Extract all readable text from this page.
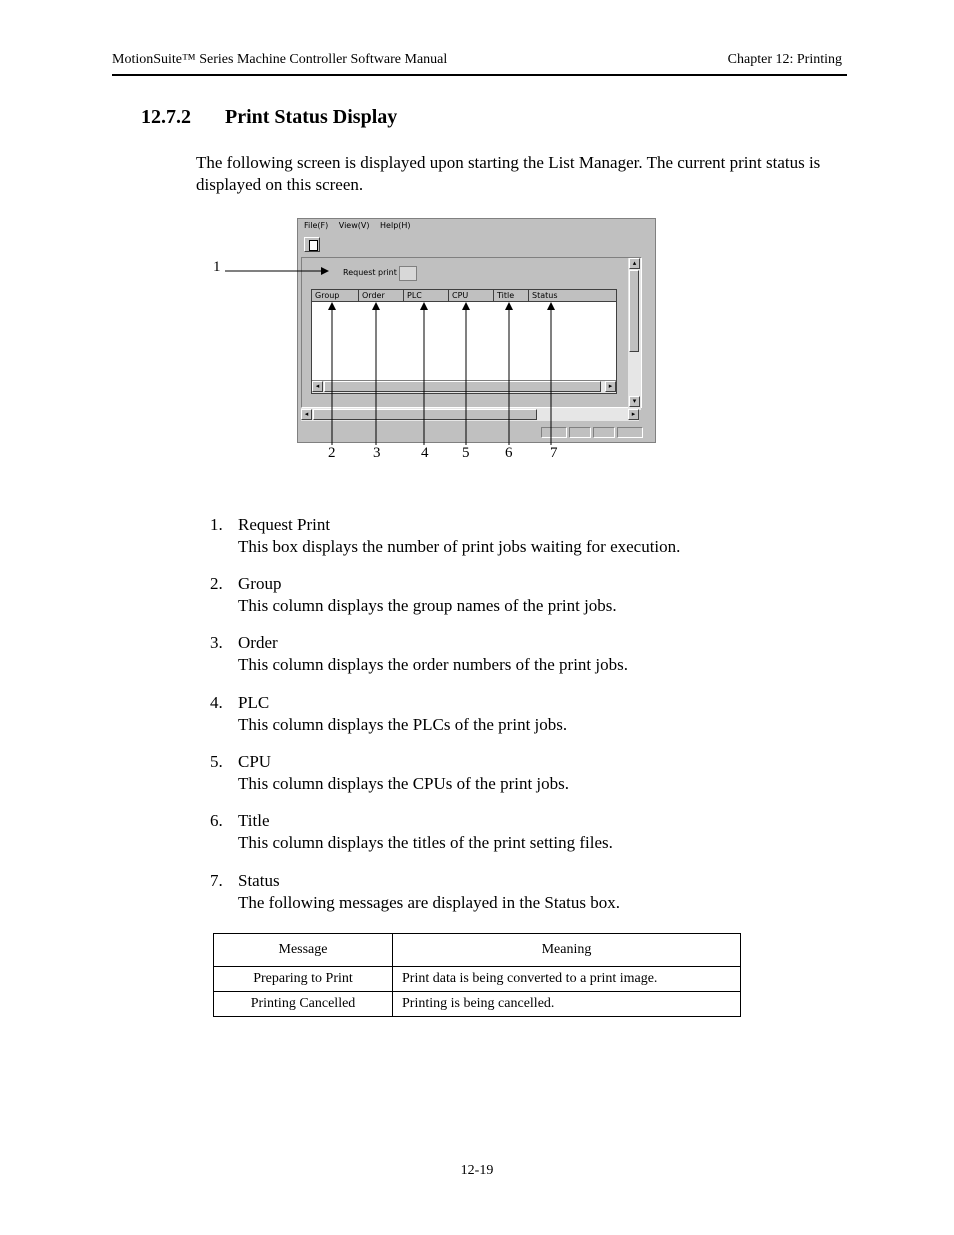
MotionSuite™ Series Machine Controller Software Manual	Chapter 12: Printing
12.7.2 Print Status Display
The following screen is displayed upon starting the List Manager. The current print status is displayed on this screen.
File(F) View(V) Help(H)
Request print
Group	Order	PLC	CPU	Title	Status
◂	▸
▴
▾
◂	▸
1
2	3	4 5 6	7
1. Request Print
This box displays the number of print jobs waiting for execution.
2. Group
This column displays the group names of the print jobs.
3. Order
This column displays the order numbers of the print jobs.
4. PLC
This column displays the PLCs of the print jobs.
5. CPU
This column displays the CPUs of the print jobs.
6. Title
This column displays the titles of the print setting files.
7. Status
The following messages are displayed in the Status box.
Message	Meaning
Preparing to Print	Print data is being converted to a print image.
Printing Cancelled	Printing is being cancelled.
12-19
